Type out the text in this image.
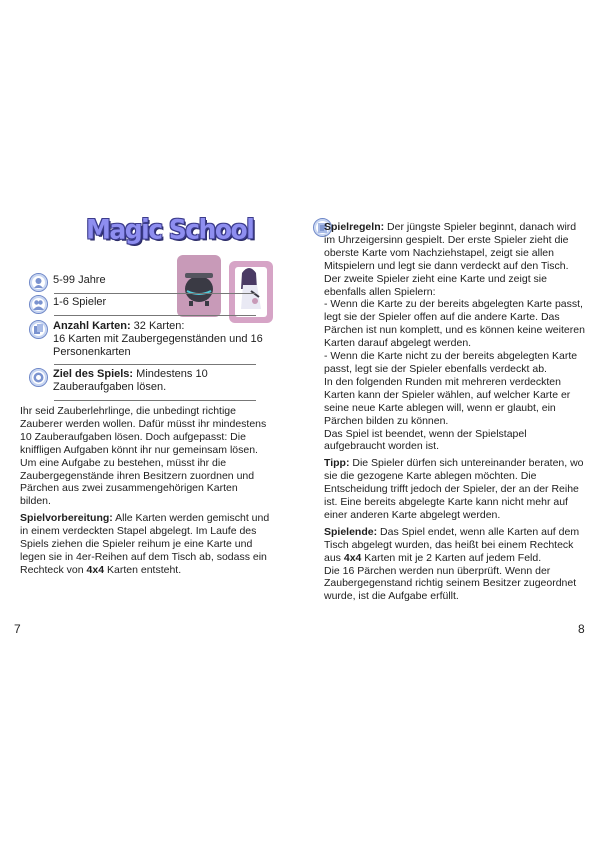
Magic School
5-99 Jahre
1-6 Spieler
Anzahl Karten: 32 Karten:
16 Karten mit Zaubergegenständen und 16 Personenkarten
Ziel des Spiels: Mindestens 10 Zauberaufgaben lösen.

Ihr seid Zauberlehrlinge, die unbedingt richtige Zauberer werden wollen. Dafür müsst ihr mindestens 10 Zauberaufgaben lösen. Doch aufgepasst: Die kniffligen Aufgaben könnt ihr nur gemeinsam lösen.
Um eine Aufgabe zu bestehen, müsst ihr die Zaubergegenstände ihren Besitzern zuordnen und Pärchen aus zwei zusammengehörigen Karten bilden.

Spielvorbereitung: Alle Karten werden gemischt und in einem verdeckten Stapel abgelegt. Im Laufe des Spiels ziehen die Spieler reihum je eine Karte und legen sie in 4er-Reihen auf dem Tisch ab, sodass ein Rechteck von 4x4 Karten entsteht.

Spielregeln: Der jüngste Spieler beginnt, danach wird im Uhrzeigersinn gespielt. Der erste Spieler zieht die oberste Karte vom Nachziehstapel, zeigt sie allen Mitspielern und legt sie dann verdeckt auf den Tisch.
Der zweite Spieler zieht eine Karte und zeigt sie ebenfalls allen Spielern:
- Wenn die Karte zu der bereits abgelegten Karte passt, legt sie der Spieler offen auf die andere Karte. Das Pärchen ist nun komplett, und es können keine weiteren Karten darauf abgelegt werden.
- Wenn die Karte nicht zu der bereits abgelegten Karte passt, legt sie der Spieler ebenfalls verdeckt ab.
In den folgenden Runden mit mehreren verdeckten Karten kann der Spieler wählen, auf welcher Karte er seine neue Karte ablegen will, wenn er glaubt, ein Pärchen bilden zu können.
Das Spiel ist beendet, wenn der Spielstapel aufgebraucht worden ist.

Tipp: Die Spieler dürfen sich untereinander beraten, wo sie die gezogene Karte ablegen möchten. Die Entscheidung trifft jedoch der Spieler, der an der Reihe ist. Eine bereits abgelegte Karte kann nicht mehr auf einer anderen Karte abgelegt werden.

Spielende: Das Spiel endet, wenn alle Karten auf dem Tisch abgelegt wurden, das heißt bei einem Rechteck aus 4x4 Karten mit je 2 Karten auf jedem Feld.
Die 16 Pärchen werden nun überprüft. Wenn der Zaubergegenstand richtig seinem Besitzer zugeordnet wurde, ist die Aufgabe erfüllt.

7	8
